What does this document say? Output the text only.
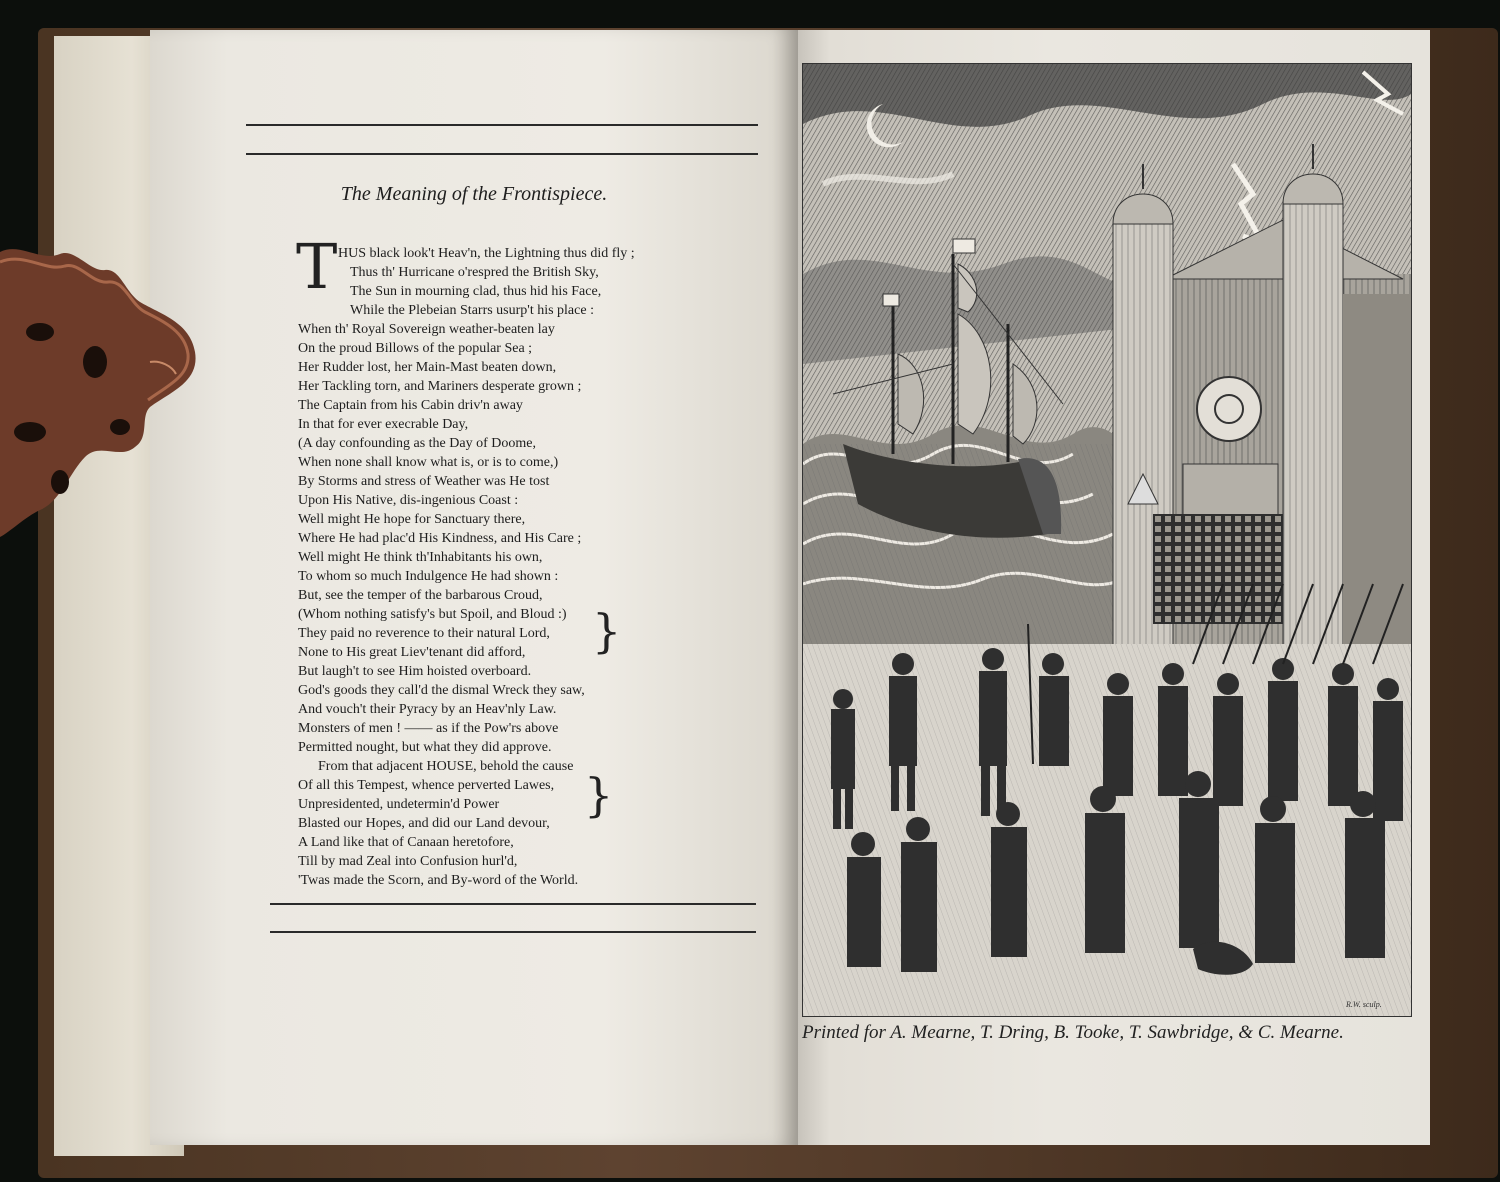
The Meaning of the Frontispiece.
T HUS black look't Heav'n, the Lightning thus did fly ;
Thus th' Hurricane o'respred the British Sky,
The Sun in mourning clad, thus hid his Face,
While the Plebeian Starrs usurp't his place :
When th' Royal Sovereign weather-beaten lay
On the proud Billows of the popular Sea ;
Her Rudder lost, her Main-Mast beaten down,
Her Tackling torn, and Mariners desperate grown ;
The Captain from his Cabin driv'n away
In that for ever execrable Day,
(A day confounding as the Day of Doome,
When none shall know what is, or is to come,)
By Storms and stress of Weather was He tost
Upon His Native, dis-ingenious Coast :
Well might He hope for Sanctuary there,
Where He had plac'd His Kindness, and His Care ;
Well might He think th'Inhabitants his own,
To whom so much Indulgence He had shown :
But, see the temper of the barbarous Croud,
(Whom nothing satisfy's but Spoil, and Bloud :)
They paid no reverence to their natural Lord,
None to His great Liev'tenant did afford,
But laugh't to see Him hoisted overboard.
God's goods they call'd the dismal Wreck they saw,
And vouch't their Pyracy by an Heav'nly Law.
Monsters of men ! —— as if the Pow'rs above
Permitted nought, but what they did approve.
From that adjacent HOUSE, behold the cause
Of all this Tempest, whence perverted Lawes,
Unpresidented, undetermin'd Power
Blasted our Hopes, and did our Land devour,
A Land like that of Canaan heretofore,
Till by mad Zeal into Confusion hurl'd,
'Twas made the Scorn, and By-word of the World.
}
}
R.W. sculp.
Printed for A. Mearne, T. Dring, B. Tooke, T. Sawbridge, & C. Mearne.
